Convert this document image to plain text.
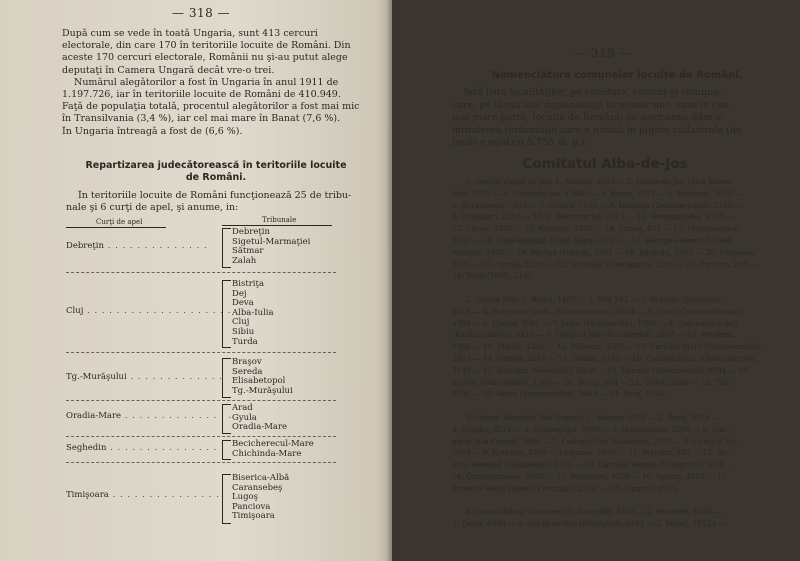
— 318 —
Dupǎ cum se vede în toatǎ Ungaria, sunt 413 cercuri
electorale, din care 170 în teritoriile locuite de Români. Din
aceste 170 cercuri electorale, Românii nu şi-au putut alege
deputaţi în Camera Ungarǎ decât vre-o trei.
Numǎrul alegǎtorilor a fost în Ungaria în anul 1911 de
1.197.726, iar în teritoriile locuite de Români de 410.949.
Faţǎ de populaţia totalǎ, procentul alegǎtorilor a fost mai mic
în Transilvania (3,4 %), iar cel mai mare în Banat (7,6 %).
În Ungaria întreagǎ a fost de (6,6 %).
Repartizarea judecǎtorească în teritoriile locuite
de Români.
În teritoriile locuite de Români funcţionează 25 de tribu-
nale şi 6 curţi de apel, şi anume, in:
Curţi de apel	Tribunale
Debreţin . . . . . . . . . . . . . .
Debreţin
Sigetul-Marmaţiei
Sătmar
Zalah
Cluj . . . . . . . . . . . . . . . . . . . .
Bistriţa
Dej
Deva
Alba-Iulia
Cluj
Sibiu
Turda
Tg.-Murăşului . . . . . . . . . . . . .
Braşov
Sereda
Elisabetopol
Tg.-Murăşului
Oradia-Mare . . . . . . . . . . . . . . .
Arad
Gyula
Oradia-Mare
Seghedin . . . . . . . . . . . . . . . . Becicherecul-Mare
Chichinda-Mare
Timişoara . . . . . . . . . . . . . . .
Biserica-Albă
Caransebeş
Lugoş
Panciova
Timişoara
— 319 —
Nomenclatura comunelor locuite de Români.
Iatǎ lista localitǎţilor, pe comitate, cercuri şi comune,
care, pe lângǎ alte naţionalitǎţi în numǎr mic, sunt în cea
mai mare parte, locuite de Români; de asemenea dǎm şi
întinderea teritoriului care e notatǎ în jugǎre cadastrale (un
jugǎr e egal cu 5.755 m. p.):
Comitatul Alba-de-Jos
1. Cercul Vinţul-de-Jos: 1. Acmari, 4023 — 2. Oarda-de-Jos (Alsó Maros
Vár), 2372 — 3. Vinţul-de-Jos, 12401 — 4. Berve, 5073 — 5. Borband, 3012 —
6. Boraomezö, : 853 — 7. Cinara, 7155 — 8. Dumitra (Demeterpatak) 1210 —
9. Drâmbari, 2203 — 10. F.-Marosvárad, 1113 — 11. Henningfalva, 2795 —
12. Cârna, 3535 — 13. Kisfalud, 1338 — 14. Limba, 871 — 15. Marosszéged,
1157 — 16. Daia-Românǎ (Oláh dálya), 7165 — 17. Herepea-Românǎ (Oláh
herepe), 1926 — 18. Pâclişa (Poklos), 3767 — 19. Răcătǎu, 3363 — 20. Sóspatak,
1421 — 21. Straja, 2278 — 22. Sărăcsǎu (Szarakszó), 1288 — 23. Tartaria 2081 —
24. Totoi (Tóté), 2141.
2. Cercul Blaj: 1. Blăjel, 1197 — 2. Blaj 282 — 3. Beşinǎu (Besenyö),
2018 — 4. Bucerdea-Grân. (Búzásbocsárd), 8034 — 5. Ţapu (Csicsóholdvilág),
4391 — 6. Cistud, 2061 — 7. Lupu (Farkastelke), 1798 — 8. Crăciunelul-de-J.
(Karácsonfalva), 4213 — 9. Cergăul-Mic (Kiscsergéd), 2847 — 10. Broşteni,
1306 — 11. Mihalt, 4336 — 12. Mănera, 3580 — 13. Cergăul-Mare (Nagycsergéd),
2923 — 14. Obreja, 2848 — 15. Ohaba, 3192 — 16. Cetatea-Rom. (Oláhcsesztve),
2140 — 17. Soroştin (Sorostély), 5938 — 18. Cenade (Szászcsanád) 8534 — 19.
Spatac (Szászpatak), 1580 — 20. Secaş, 894 — 21. Tohat, 2380 — 22. Tür,
5296 — 23. Roşia (Veseegyháza), 3043 — 24. Veza, 1792.
3. Cercul Sângătin (Kis Enyed): 1. Alămor, 5576 — 2. Buzd, 3714 —
3. Drăşǎu, 3211 — 4. Gergelyfája, 3896 — 5. Hosszutelke, 2950 — 6. Sân-
gătin (Kis Enyed), 3890 — 7. Ludoşul-Mic (Kisludos), 2776 — 8. Conţa (Cut),
1068 — 9. Kutfalva, 4599 — Ladamos, 1897 — 11. Mândra, 485 — 12. Bo-
gata-Românǎ (Oláhbogát), 3781 — 13. Gârbǎul-Român (Oláhgirbo) 3634 —
14. Örményszékes, 5002 — 15. Pókafalva, 4530 — 16. Spring, 4107 — 17.
Presaca-Secaş (Szecsi-Preszaka), 2786 — 18. Vingard, 6973.
4. Cercul Ighiul-Unguresc: 1. Aiudgǎld, 3450 — 2. Benedek, 4384 —
2. Ţelna, 4990 — 4. Galda-de-Sus (Felsőgǎld), 6183 — 5. Feneş, 11524 —
